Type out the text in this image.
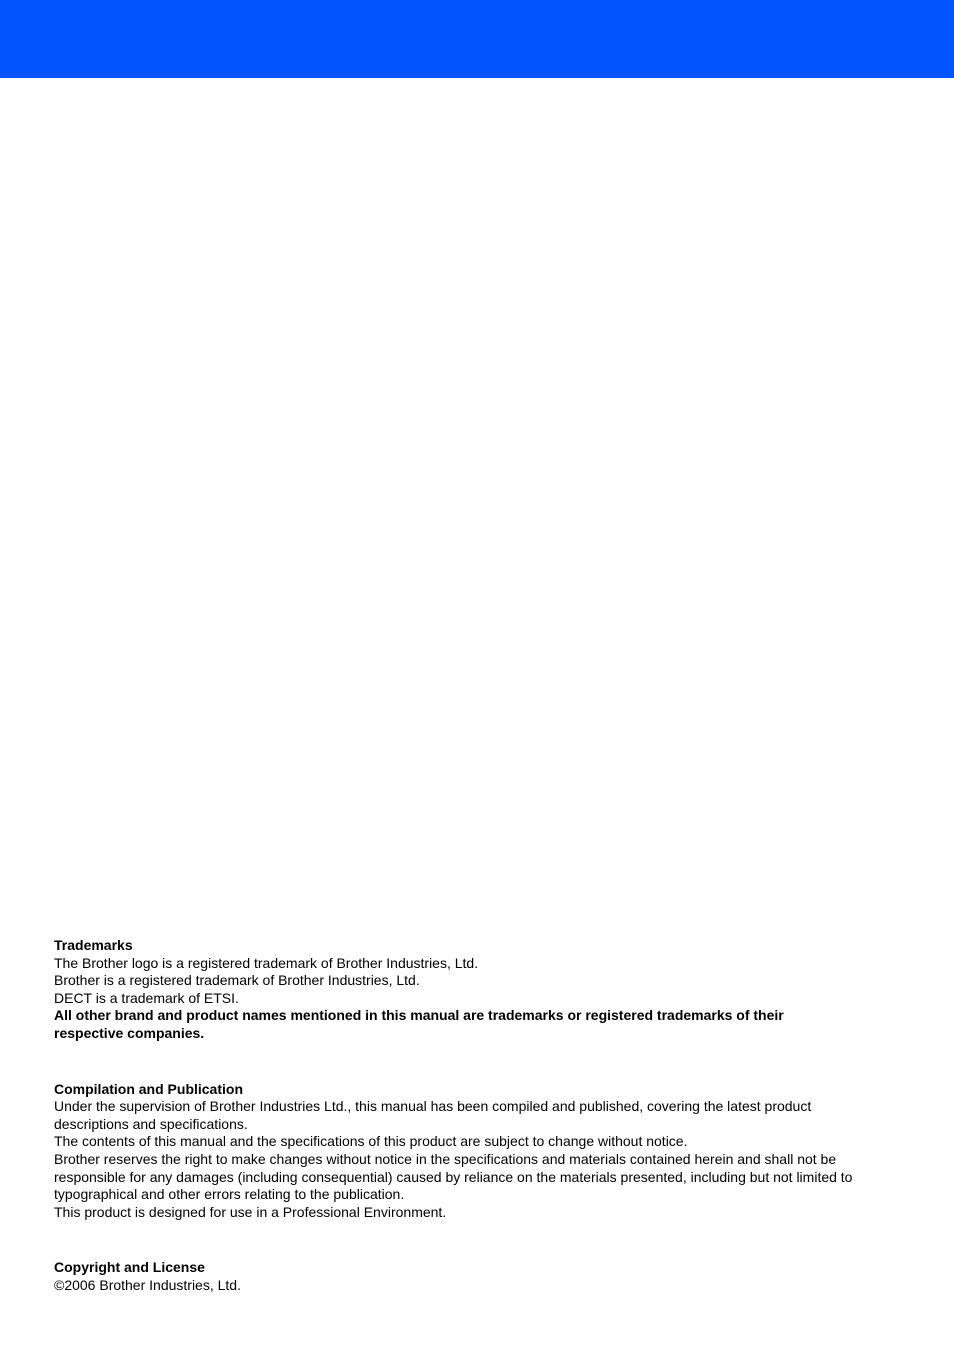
Trademarks
The Brother logo is a registered trademark of Brother Industries, Ltd.
Brother is a registered trademark of Brother Industries, Ltd.
DECT is a trademark of ETSI.
All other brand and product names mentioned in this manual are trademarks or registered trademarks of their respective companies.
Compilation and Publication
Under the supervision of Brother Industries Ltd., this manual has been compiled and published, covering the latest product descriptions and specifications.
The contents of this manual and the specifications of this product are subject to change without notice.
Brother reserves the right to make changes without notice in the specifications and materials contained herein and shall not be responsible for any damages (including consequential) caused by reliance on the materials presented, including but not limited to typographical and other errors relating to the publication.
This product is designed for use in a Professional Environment.
Copyright and License
©2006 Brother Industries, Ltd.
